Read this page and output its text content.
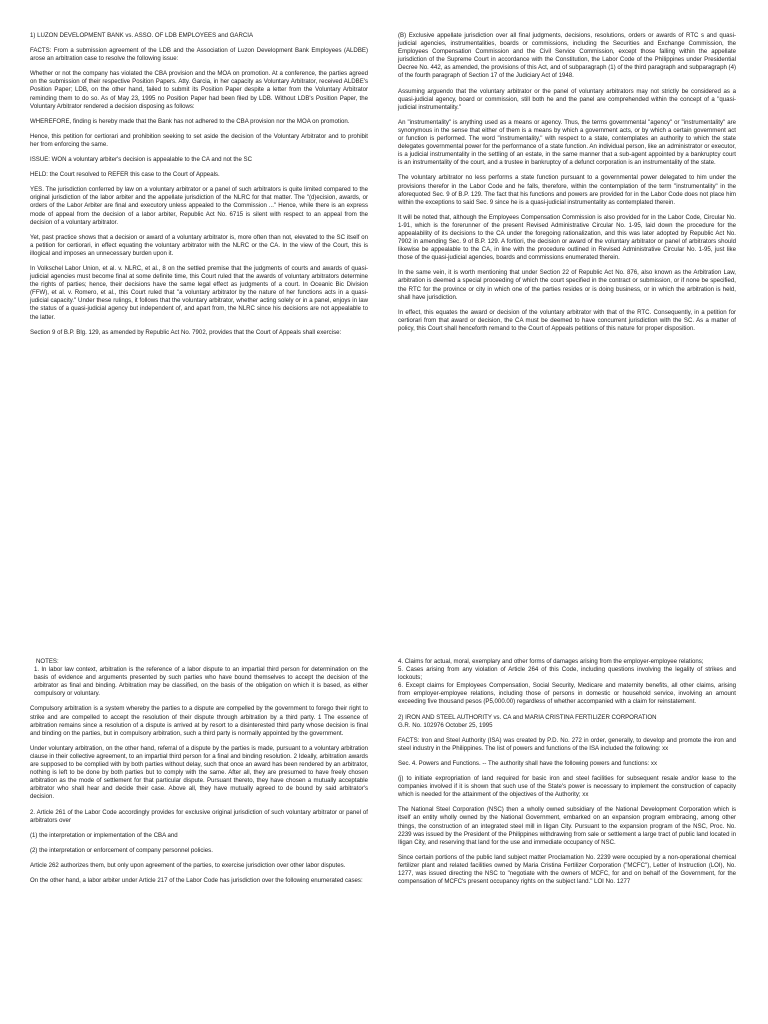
1) LUZON DEVELOPMENT BANK vs. ASSO. OF LDB EMPLOYEES and GARCIA

FACTS: From a submission agreement of the LDB and the Association of Luzon Development Bank Employees (ALDBE) arose an arbitration case to resolve the following issue:

Whether or not the company has violated the CBA provision and the MOA on promotion. At a conference, the parties agreed on the submission of their respective Position Papers. Atty. Garcia, in her capacity as Voluntary Arbitrator, received ALDBE's Position Paper; LDB, on the other hand, failed to submit its Position Paper despite a letter from the Voluntary Arbitrator reminding them to do so. As of May 23, 1995 no Position Paper had been filed by LDB. Without LDB's Position Paper, the Voluntary Arbitrator rendered a decision disposing as follows:

WHEREFORE, finding is hereby made that the Bank has not adhered to the CBA provision nor the MOA on promotion.

Hence, this petition for certiorari and prohibition seeking to set aside the decision of the Voluntary Arbitrator and to prohibit her from enforcing the same.

ISSUE: WON a voluntary arbiter's decision is appealable to the CA and not the SC

HELD: the Court resolved to REFER this case to the Court of Appeals.

YES. The jurisdiction conferred by law on a voluntary arbitrator or a panel of such arbitrators is quite limited compared to the original jurisdiction of the labor arbiter and the appellate jurisdiction of the NLRC for that matter. The "(d)ecision, awards, or orders of the Labor Arbiter are final and executory unless appealed to the Commission ..." Hence, while there is an express mode of appeal from the decision of a labor arbiter, Republic Act No. 6715 is silent with respect to an appeal from the decision of a voluntary arbitrator.

Yet, past practice shows that a decision or award of a voluntary arbitrator is, more often than not, elevated to the SC itself on a petition for certiorari, in effect equating the voluntary arbitrator with the NLRC or the CA. In the view of the Court, this is illogical and imposes an unnecessary burden upon it.

In Volkschel Labor Union, et al. v. NLRC, et al., 8 on the settled premise that the judgments of courts and awards of quasi-judicial agencies must become final at some definite time, this Court ruled that the awards of voluntary arbitrators determine the rights of parties; hence, their decisions have the same legal effect as judgments of a court. In Oceanic Bic Division (FFW), et al. v. Romero, et al., this Court ruled that "a voluntary arbitrator by the nature of her functions acts in a quasi-judicial capacity." Under these rulings, it follows that the voluntary arbitrator, whether acting solely or in a panel, enjoys in law the status of a quasi-judicial agency but independent of, and apart from, the NLRC since his decisions are not appealable to the latter.

Section 9 of B.P. Blg. 129, as amended by Republic Act No. 7902, provides that the Court of Appeals shall exercise:

(B) Exclusive appellate jurisdiction over all final judgments, decisions, resolutions, orders or awards of RTC s and quasi-judicial agencies, instrumentalities, boards or commissions, including the Securities and Exchange Commission, the Employees Compensation Commission and the Civil Service Commission, except those falling within the appellate jurisdiction of the Supreme Court in accordance with the Constitution, the Labor Code of the Philippines under Presidential Decree No. 442, as amended, the provisions of this Act, and of subparagraph (1) of the third paragraph and subparagraph (4) of the fourth paragraph of Section 17 of the Judiciary Act of 1948.

Assuming arguendo that the voluntary arbitrator or the panel of voluntary arbitrators may not strictly be considered as a quasi-judicial agency, board or commission, still both he and the panel are comprehended within the concept of a "quasi-judicial instrumentality."

An "instrumentality" is anything used as a means or agency. Thus, the terms governmental "agency" or "instrumentality" are synonymous in the sense that either of them is a means by which a government acts, or by which a certain government act or function is performed. The word "instrumentality," with respect to a state, contemplates an authority to which the state delegates governmental power for the performance of a state function. An individual person, like an administrator or executor, is a judicial instrumentality in the settling of an estate, in the same manner that a sub-agent appointed by a bankruptcy court is an instrumentality of the court, and a trustee in bankruptcy of a defunct corporation is an instrumentality of the state.

The voluntary arbitrator no less performs a state function pursuant to a governmental power delegated to him under the provisions therefor in the Labor Code and he falls, therefore, within the contemplation of the term "instrumentality" in the aforequoted Sec. 9 of B.P. 129. The fact that his functions and powers are provided for in the Labor Code does not place him within the exceptions to said Sec. 9 since he is a quasi-judicial instrumentality as contemplated therein.

It will be noted that, although the Employees Compensation Commission is also provided for in the Labor Code, Circular No. 1-91, which is the forerunner of the present Revised Administrative Circular No. 1-95, laid down the procedure for the appealability of its decisions to the CA under the foregoing rationalization, and this was later adopted by Republic Act No. 7902 in amending Sec. 9 of B.P. 129. A fortiori, the decision or award of the voluntary arbitrator or panel of arbitrators should likewise be appealable to the CA, in line with the procedure outlined in Revised Administrative Circular No. 1-95, just like those of the quasi-judicial agencies, boards and commissions enumerated therein.

In the same vein, it is worth mentioning that under Section 22 of Republic Act No. 876, also known as the Arbitration Law, arbitration is deemed a special proceeding of which the court specified in the contract or submission, or if none be specified, the RTC for the province or city in which one of the parties resides or is doing business, or in which the arbitration is held, shall have jurisdiction.

In effect, this equates the award or decision of the voluntary arbitrator with that of the RTC. Consequently, in a petition for certiorari from that award or decision, the CA must be deemed to have concurrent jurisdiction with the SC. As a matter of policy, this Court shall henceforth remand to the Court of Appeals petitions of this nature for proper disposition.

NOTES:

1. In labor law context, arbitration is the reference of a labor dispute to an impartial third person for determination on the basis of evidence and arguments presented by such parties who have bound themselves to accept the decision of the arbitrator as final and binding. Arbitration may be classified, on the basis of the obligation on which it is based, as either compulsory or voluntary.

Compulsory arbitration is a system whereby the parties to a dispute are compelled by the government to forego their right to strike and are compelled to accept the resolution of their dispute through arbitration by a third party. 1 The essence of arbitration remains since a resolution of a dispute is arrived at by resort to a disinterested third party whose decision is final and binding on the parties, but in compulsory arbitration, such a third party is normally appointed by the government.

Under voluntary arbitration, on the other hand, referral of a dispute by the parties is made, pursuant to a voluntary arbitration clause in their collective agreement, to an impartial third person for a final and binding resolution. 2 Ideally, arbitration awards are supposed to be complied with by both parties without delay, such that once an award has been rendered by an arbitrator, nothing is left to be done by both parties but to comply with the same. After all, they are presumed to have freely chosen arbitration as the mode of settlement for that particular dispute. Pursuant thereto, they have chosen a mutually acceptable arbitrator who shall hear and decide their case. Above all, they have mutually agreed to de bound by said arbitrator's decision.

2. Article 261 of the Labor Code accordingly provides for exclusive original jurisdiction of such voluntary arbitrator or panel of arbitrators over

(1) the interpretation or implementation of the CBA and

(2) the interpretation or enforcement of company personnel policies.

Article 262 authorizes them, but only upon agreement of the parties, to exercise jurisdiction over other labor disputes.

On the other hand, a labor arbiter under Article 217 of the Labor Code has jurisdiction over the following enumerated cases:

4. Claims for actual, moral, exemplary and other forms of damages arising from the employer-employee relations;
5. Cases arising from any violation of Article 264 of this Code, including questions involving the legality of strikes and lockouts;
6. Except claims for Employees Compensation, Social Security, Medicare and maternity benefits, all other claims, arising from employer-employee relations, including those of persons in domestic or household service, involving an amount exceeding five thousand pesos (P5,000.00) regardless of whether accompanied with a claim for reinstatement.

2) IRON AND STEEL AUTHORITY vs. CA and MARIA CRISTINA FERTILIZER CORPORATION
G.R. No. 102976 October 25, 1995

FACTS: Iron and Steel Authority (ISA) was created by P.D. No. 272 in order, generally, to develop and promote the iron and steel industry in the Philippines. The list of powers and functions of the ISA included the following: xx

Sec. 4. Powers and Functions. -- The authority shall have the following powers and functions: xx

(j) to initiate expropriation of land required for basic iron and steel facilities for subsequent resale and/or lease to the companies involved if it is shown that such use of the State's power is necessary to implement the construction of capacity which is needed for the attainment of the objectives of the Authority; xx

The National Steel Corporation (NSC) then a wholly owned subsidiary of the National Development Corporation which is itself an entity wholly owned by the National Government, embarked on an expansion program embracing, among other things, the construction of an integrated steel mill in Iligan City. Pursuant to the expansion program of the NSC, Proc. No. 2239 was issued by the President of the Philippines withdrawing from sale or settlement a large tract of public land located in Iligan City, and reserving that land for the use and immediate occupancy of NSC.

Since certain portions of the public land subject matter Proclamation No. 2239 were occupied by a non-operational chemical fertilizer plant and related facilities owned by Maria Cristina Fertilizer Corporation ("MCFC"), Letter of Instruction (LOI), No. 1277, was issued directing the NSC to "negotiate with the owners of MCFC, for and on behalf of the Government, for the compensation of MCFC's present occupancy rights on the subject land." LOI No. 1277
